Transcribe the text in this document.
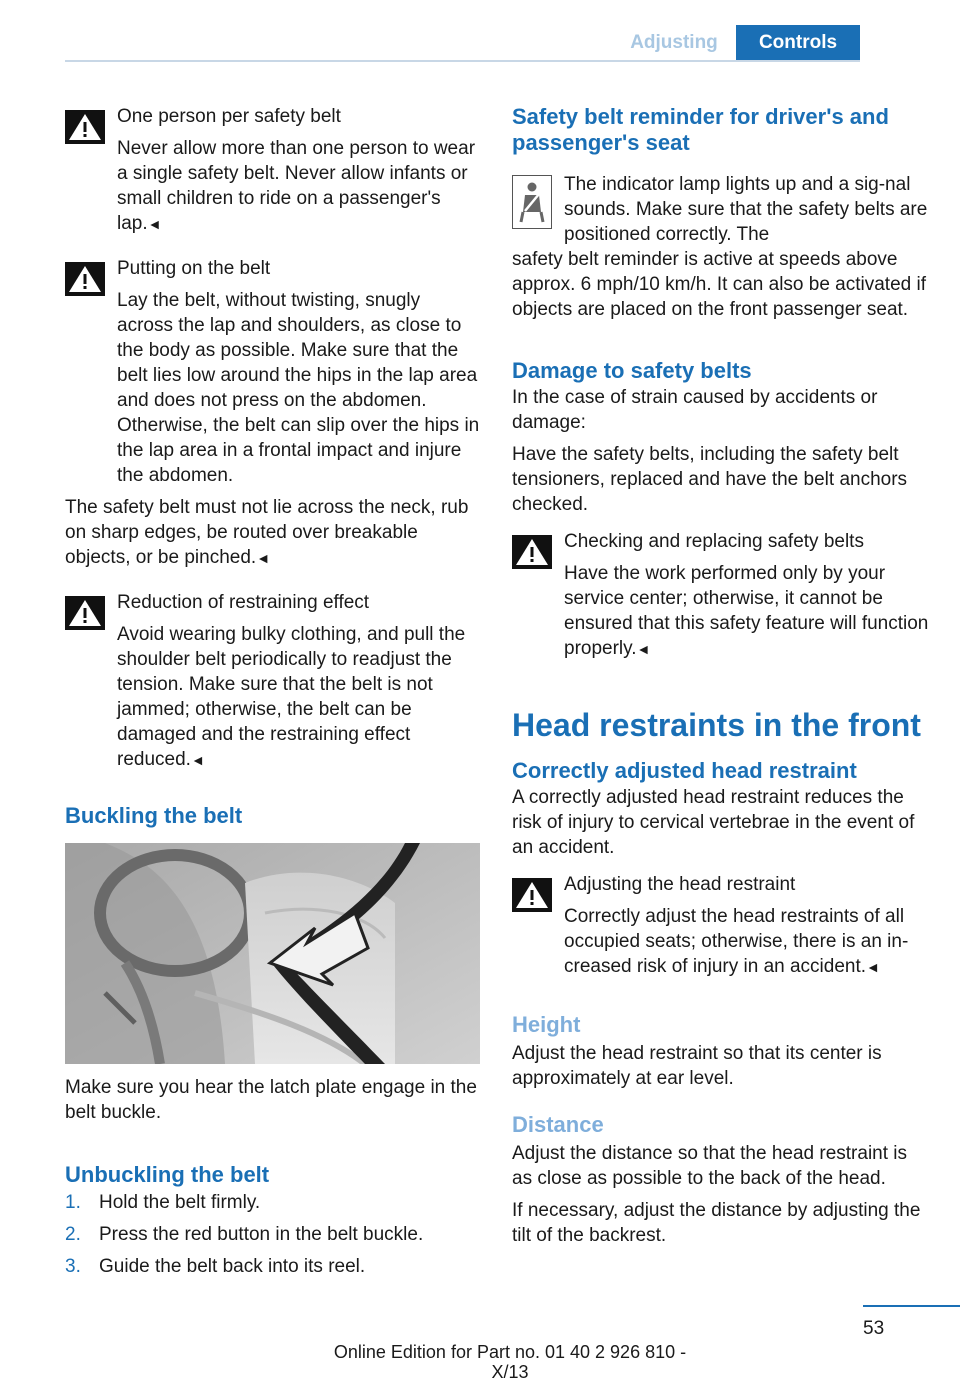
Adjusting	Controls

One person per safety belt

Never allow more than one person to wear a single safety belt. Never allow infants or small children to ride on a passenger's lap.◄

Putting on the belt

Lay the belt, without twisting, snugly across the lap and shoulders, as close to the body as possible. Make sure that the belt lies low around the hips in the lap area and does not press on the abdomen. Otherwise, the belt can slip over the hips in the lap area in a frontal impact and injure the abdomen.

The safety belt must not lie across the neck, rub on sharp edges, be routed over breakable objects, or be pinched.◄

Reduction of restraining effect

Avoid wearing bulky clothing, and pull the shoulder belt periodically to readjust the tension. Make sure that the belt is not jammed; otherwise, the belt can be damaged and the restraining effect reduced.◄

Buckling the belt

Make sure you hear the latch plate engage in the belt buckle.

Unbuckling the belt
1. Hold the belt firmly.
2. Press the red button in the belt buckle.
3. Guide the belt back into its reel.
Safety belt reminder for driver's and passenger's seat

The indicator lamp lights up and a sig‐nal sounds. Make sure that the safety belts are positioned correctly. The

safety belt reminder is active at speeds above approx. 6 mph/10 km/h. It can also be activated if objects are placed on the front passenger seat.

Damage to safety belts

In the case of strain caused by accidents or damage:

Have the safety belts, including the safety belt tensioners, replaced and have the belt anchors checked.

Checking and replacing safety belts

Have the work performed only by your service center; otherwise, it cannot be ensured that this safety feature will function properly.◄

Head restraints in the front
Correctly adjusted head restraint

A correctly adjusted head restraint reduces the risk of injury to cervical vertebrae in the event of an accident.

Adjusting the head restraint

Correctly adjust the head restraints of all occupied seats; otherwise, there is an in‐creased risk of injury in an accident.◄

Height

Adjust the head restraint so that its center is approximately at ear level.

Distance

Adjust the distance so that the head restraint is as close as possible to the back of the head.

If necessary, adjust the distance by adjusting the tilt of the backrest.

53
Online Edition for Part no. 01 40 2 926 810 - X/13
